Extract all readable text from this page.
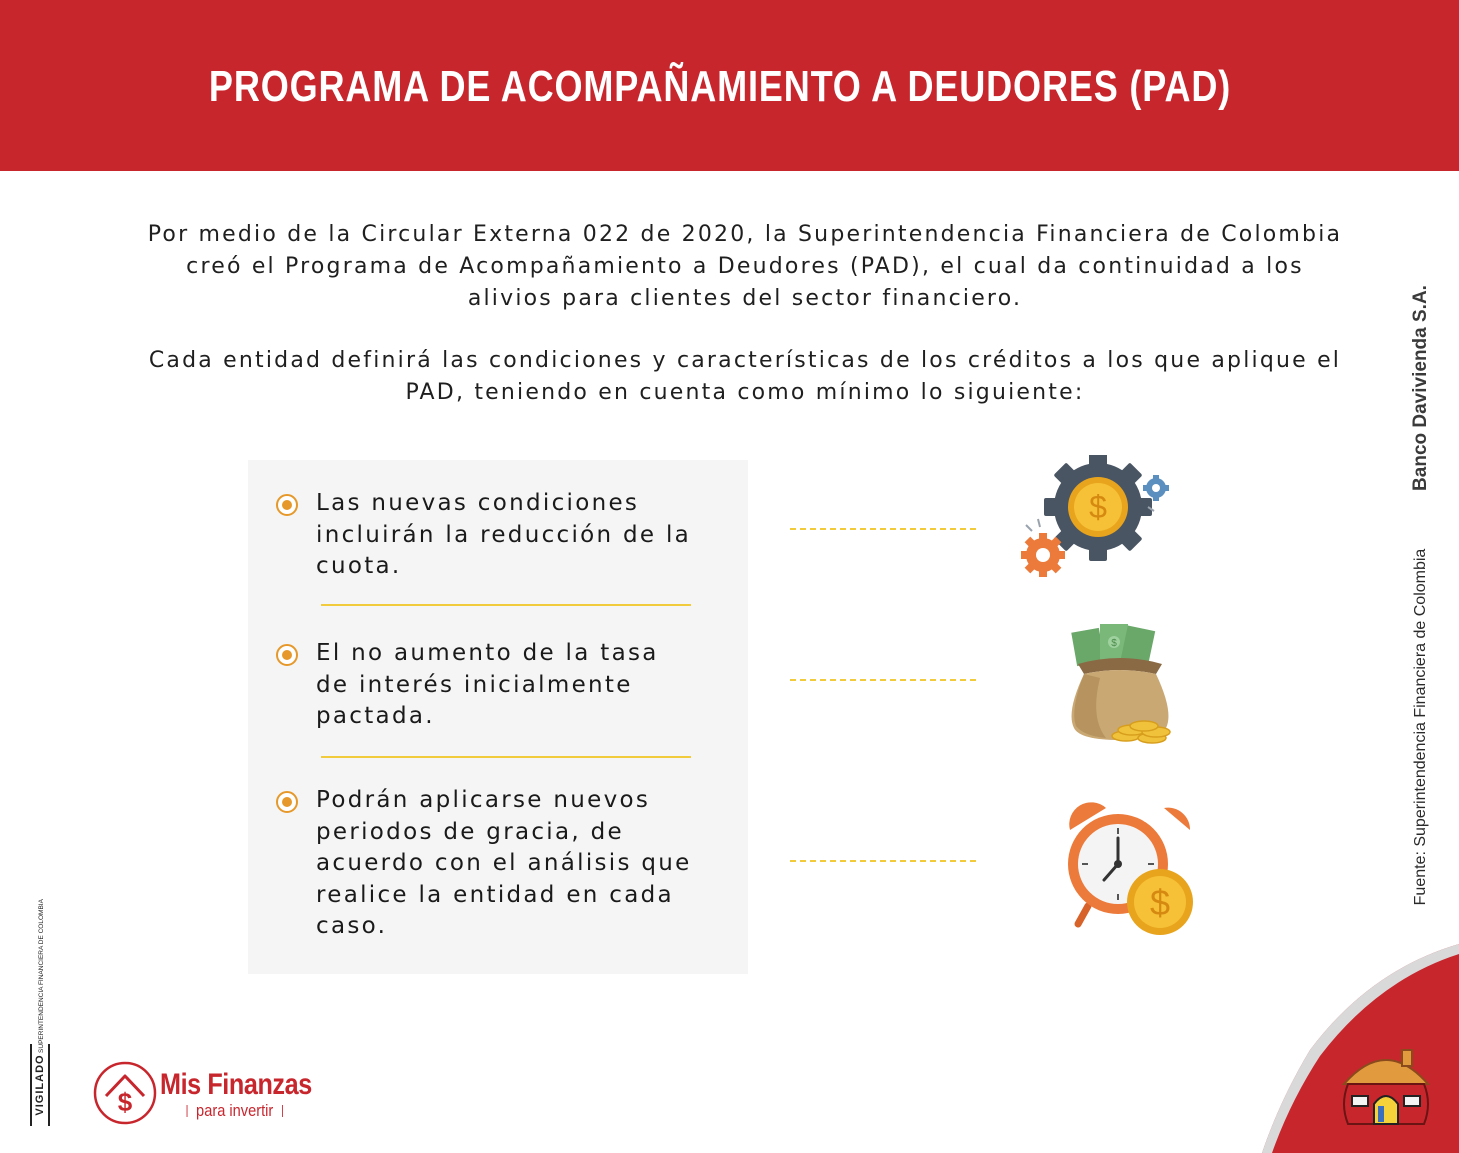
PROGRAMA DE ACOMPAÑAMIENTO A DEUDORES (PAD)

Por medio de la Circular Externa 022 de 2020, la Superintendencia Financiera de Colombia creó el Programa de Acompañamiento a Deudores (PAD), el cual da continuidad a los alivios para clientes del sector financiero.

Cada entidad definirá las condiciones y características de los créditos a los que aplique el PAD, teniendo en cuenta como mínimo lo siguiente:

Las nuevas condiciones incluirán la reducción de la cuota.

El no aumento de la tasa de interés inicialmente pactada.

Podrán aplicarse nuevos periodos de gracia, de acuerdo con el análisis que realice la entidad en cada caso.

$
$
$
Banco Davivienda S.A.
Fuente: Superintendencia Financiera de Colombia
SUPERINTENDENCIA FINANCIERA DE COLOMBIA
VIGILADO	$
Mis Finanzas
para invertir
